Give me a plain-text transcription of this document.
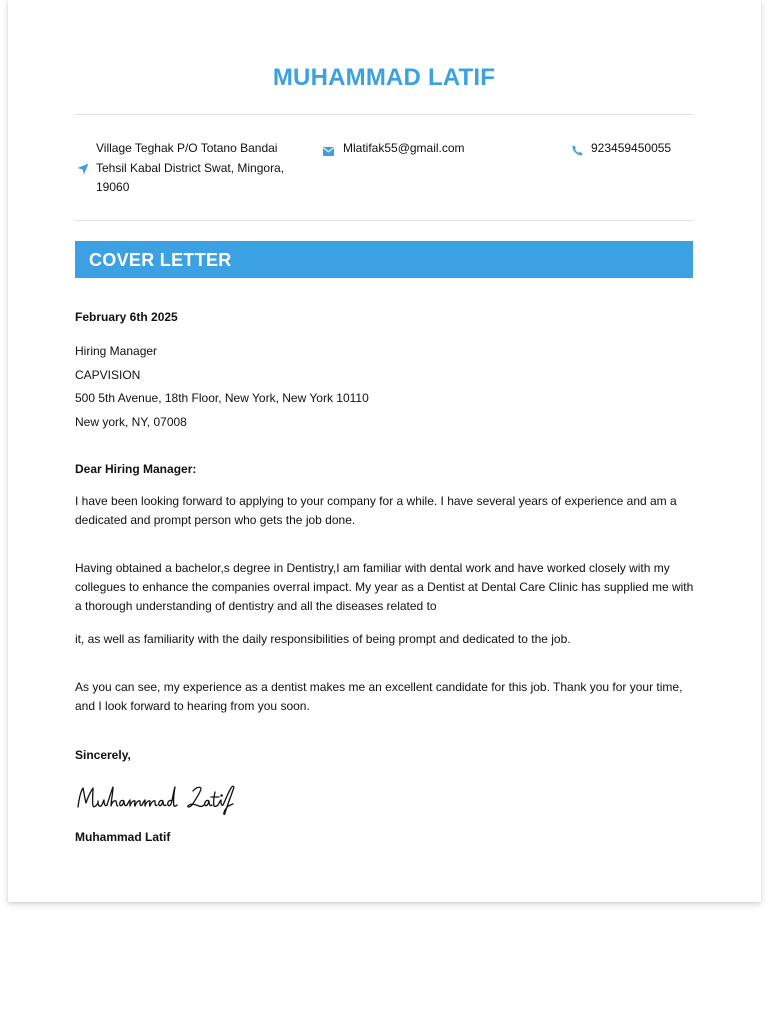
MUHAMMAD LATIF
Village Teghak P/O Totano Bandai
Tehsil Kabal District Swat, Mingora,
19060
Mlatifak55@gmail.com	923459450055
COVER LETTER
February 6th 2025
Hiring Manager
CAPVISION
500 5th Avenue, 18th Floor, New York, New York 10110
New york, NY, 07008
Dear Hiring Manager:
I have been looking forward to applying to your company for a while. I have several years of experience and am a dedicated and prompt person who gets the job done.
Having obtained a bachelor,s degree in Dentistry,I am familiar with dental work and have worked closely with my collegues to enhance the companies overral impact. My year as a Dentist at Dental Care Clinic has supplied me with a thorough understanding of dentistry and all the diseases related to
it, as well as familiarity with the daily responsibilities of being prompt and dedicated to the job.
As you can see, my experience as a dentist makes me an excellent candidate for this job. Thank you for your time, and I look forward to hearing from you soon.
Sincerely,
Muhammad Latif
